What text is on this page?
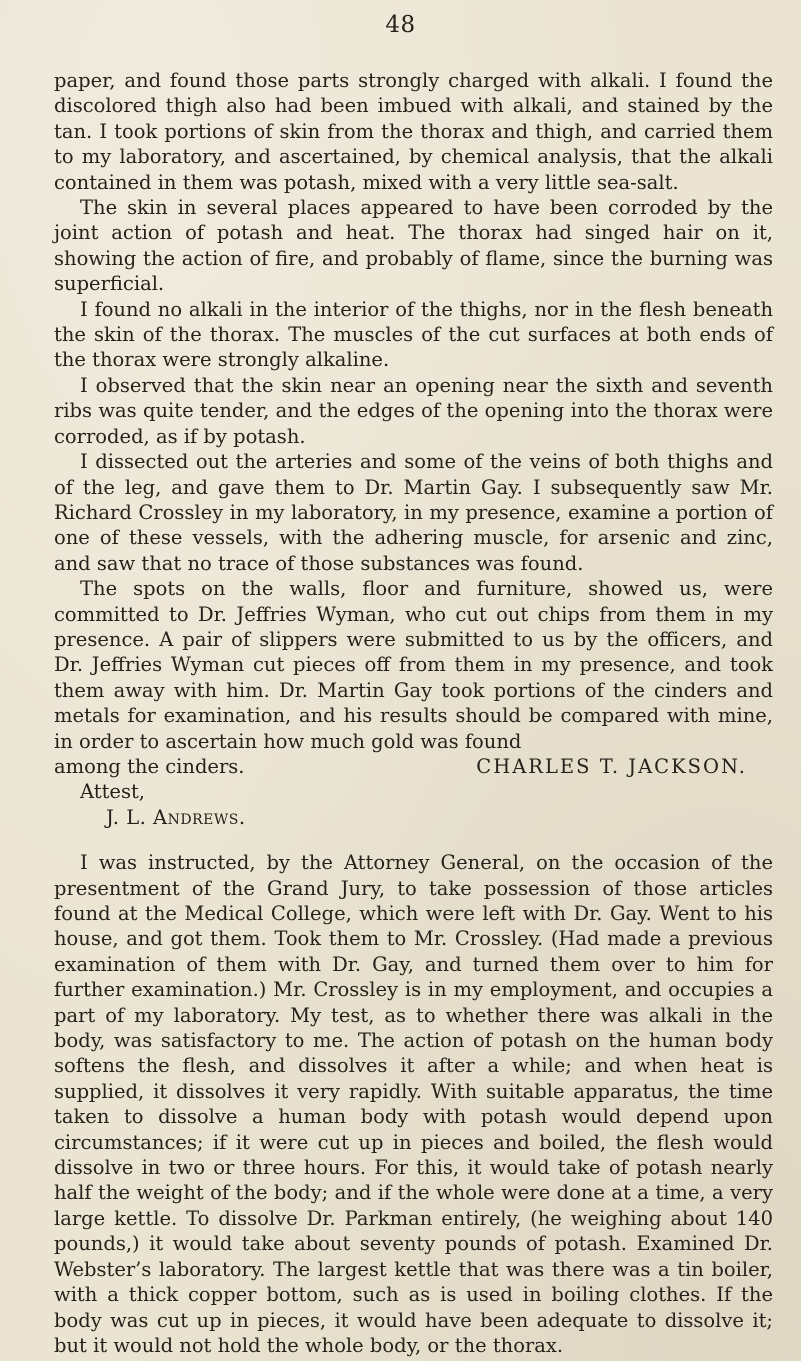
48

paper, and found those parts strongly charged with alkali. I found the discolored thigh also had been imbued with alkali, and stained by the tan. I took portions of skin from the thorax and thigh, and carried them to my laboratory, and ascertained, by chemical analysis, that the alkali contained in them was potash, mixed with a very little sea-salt.

The skin in several places appeared to have been corroded by the joint action of potash and heat. The thorax had singed hair on it, showing the action of fire, and probably of flame, since the burning was superficial.

I found no alkali in the interior of the thighs, nor in the flesh beneath the skin of the thorax. The muscles of the cut surfaces at both ends of the thorax were strongly alkaline.

I observed that the skin near an opening near the sixth and seventh ribs was quite tender, and the edges of the opening into the thorax were corroded, as if by potash.

I dissected out the arteries and some of the veins of both thighs and of the leg, and gave them to Dr. Martin Gay. I subsequently saw Mr. Richard Crossley in my laboratory, in my presence, examine a portion of one of these vessels, with the adhering muscle, for arsenic and zinc, and saw that no trace of those substances was found.

The spots on the walls, floor and furniture, showed us, were committed to Dr. Jeffries Wyman, who cut out chips from them in my presence. A pair of slippers were submitted to us by the officers, and Dr. Jeffries Wyman cut pieces off from them in my presence, and took them away with him. Dr. Martin Gay took portions of the cinders and metals for examination, and his results should be compared with mine, in order to ascertain how much gold was found

among the cinders.	CHARLES T. JACKSON.
Attest,
J. L. Andrews.

I was instructed, by the Attorney General, on the occasion of the presentment of the Grand Jury, to take possession of those articles found at the Medical College, which were left with Dr. Gay. Went to his house, and got them. Took them to Mr. Crossley. (Had made a previous examination of them with Dr. Gay, and turned them over to him for further examination.) Mr. Crossley is in my employment, and occupies a part of my laboratory. My test, as to whether there was alkali in the body, was satisfactory to me. The action of potash on the human body softens the flesh, and dissolves it after a while; and when heat is supplied, it dissolves it very rapidly. With suitable apparatus, the time taken to dissolve a human body with potash would depend upon circumstances; if it were cut up in pieces and boiled, the flesh would dissolve in two or three hours. For this, it would take of potash nearly half the weight of the body; and if the whole were done at a time, a very large kettle. To dissolve Dr. Parkman entirely, (he weighing about 140 pounds,) it would take about seventy pounds of potash. Examined Dr. Webster’s laboratory. The largest kettle that was there was a tin boiler, with a thick copper bottom, such as is used in boiling clothes. If the body was cut up in pieces, it would have been adequate to dissolve it; but it would not hold the whole body, or the thorax.
